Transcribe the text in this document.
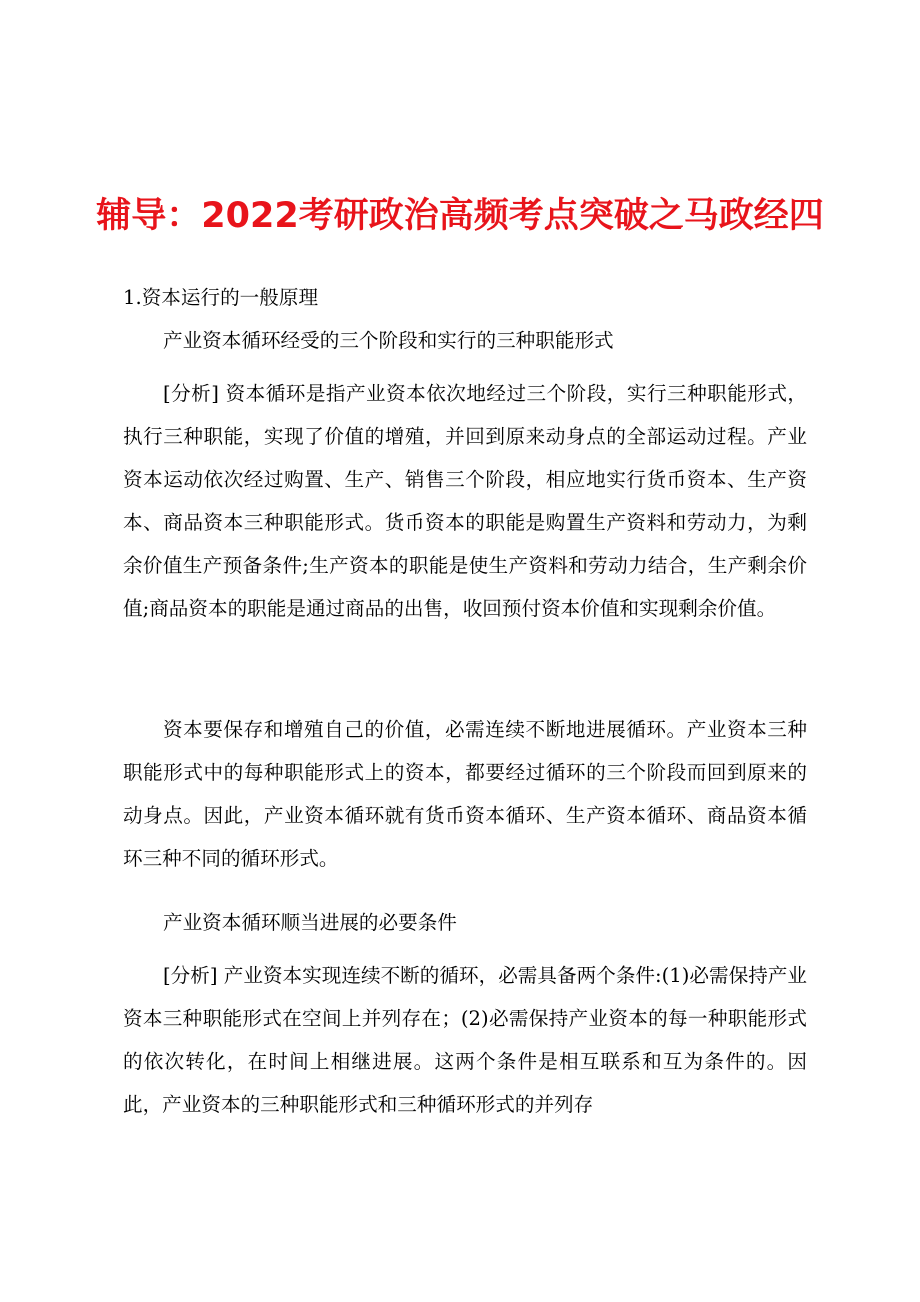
辅导：2022考研政治高频考点突破之马政经四
1.资本运行的一般原理
产业资本循环经受的三个阶段和实行的三种职能形式
[分析] 资本循环是指产业资本依次地经过三个阶段，实行三种职能形式，执行三种职能，实现了价值的增殖，并回到原来动身点的全部运动过程。产业资本运动依次经过购置、生产、销售三个阶段，相应地实行货币资本、生产资本、商品资本三种职能形式。货币资本的职能是购置生产资料和劳动力，为剩余价值生产预备条件;生产资本的职能是使生产资料和劳动力结合，生产剩余价值;商品资本的职能是通过商品的出售，收回预付资本价值和实现剩余价值。
资本要保存和增殖自己的价值，必需连续不断地进展循环。产业资本三种职能形式中的每种职能形式上的资本，都要经过循环的三个阶段而回到原来的动身点。因此，产业资本循环就有货币资本循环、生产资本循环、商品资本循环三种不同的循环形式。
产业资本循环顺当进展的必要条件
[分析] 产业资本实现连续不断的循环，必需具备两个条件:(1)必需保持产业资本三种职能形式在空间上并列存在；(2)必需保持产业资本的每一种职能形式的依次转化，在时间上相继进展。这两个条件是相互联系和互为条件的。因此，产业资本的三种职能形式和三种循环形式的并列存
